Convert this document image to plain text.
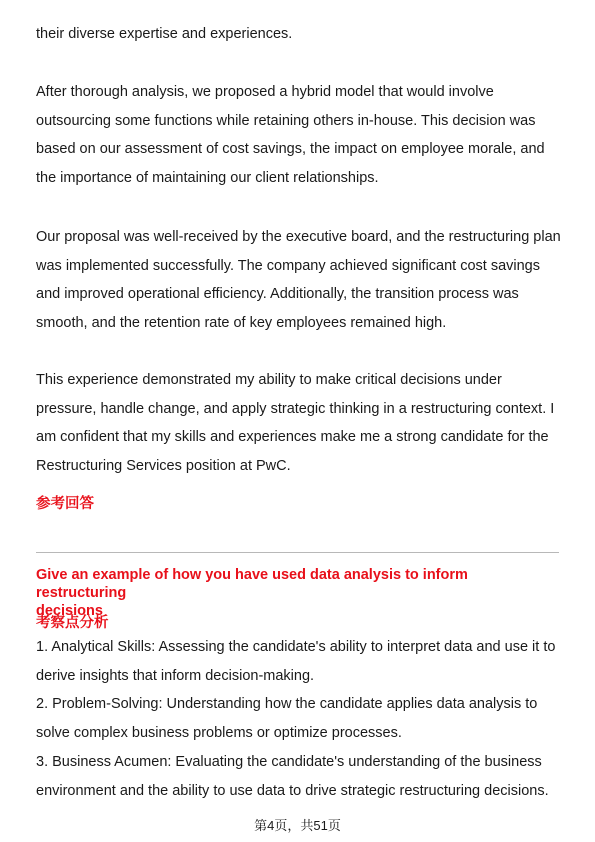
their diverse expertise and experiences.
After thorough analysis, we proposed a hybrid model that would involve
outsourcing some functions while retaining others in-house. This decision was
based on our assessment of cost savings, the impact on employee morale, and
the importance of maintaining our client relationships.
Our proposal was well-received by the executive board, and the restructuring plan
was implemented successfully. The company achieved significant cost savings
and improved operational efficiency. Additionally, the transition process was
smooth, and the retention rate of key employees remained high.
This experience demonstrated my ability to make critical decisions under
pressure, handle change, and apply strategic thinking in a restructuring context. I
am confident that my skills and experiences make me a strong candidate for the
Restructuring Services position at PwC.
参考回答
Give an example of how you have used data analysis to inform restructuring
decisions
考察点分析
1. Analytical Skills: Assessing the candidate's ability to interpret data and use it to
derive insights that inform decision-making.
2. Problem-Solving: Understanding how the candidate applies data analysis to
solve complex business problems or optimize processes.
3. Business Acumen: Evaluating the candidate's understanding of the business
environment and the ability to use data to drive strategic restructuring decisions.
第4页，共51页
